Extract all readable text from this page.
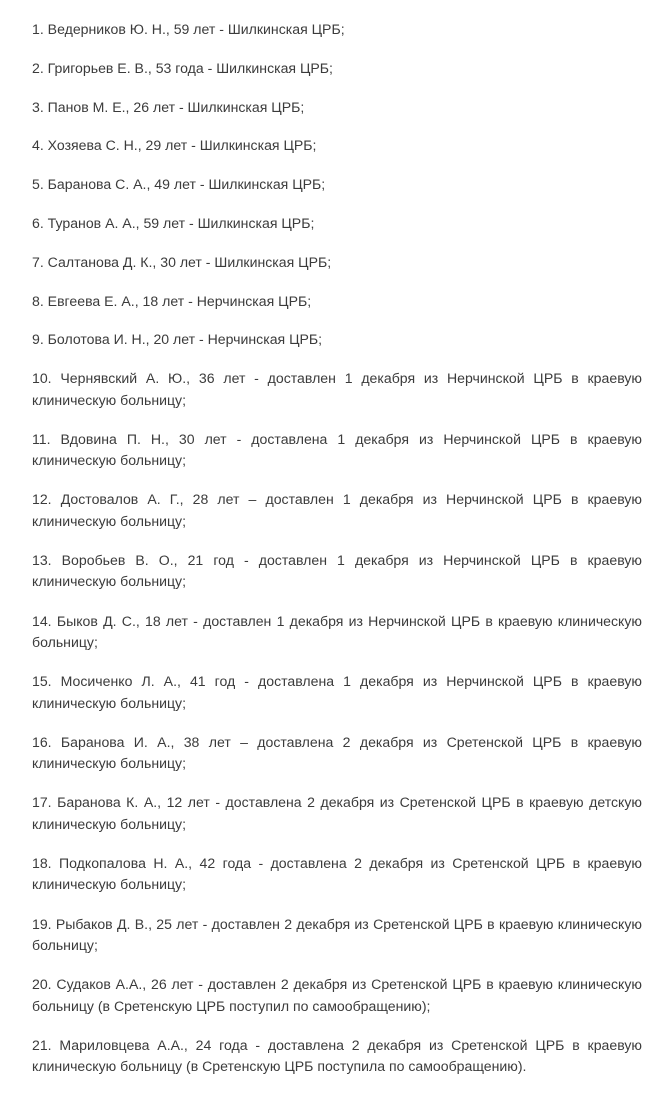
1. Ведерников Ю. Н., 59 лет - Шилкинская ЦРБ;

2. Григорьев Е. В., 53 года - Шилкинская ЦРБ;

3. Панов М. Е., 26 лет - Шилкинская ЦРБ;

4. Хозяева С. Н., 29 лет - Шилкинская ЦРБ;

5. Баранова С. А., 49 лет - Шилкинская ЦРБ;

6. Туранов А. А., 59 лет - Шилкинская ЦРБ;

7. Салтанова Д. К., 30 лет - Шилкинская ЦРБ;

8. Евгеева Е. А., 18 лет - Нерчинская ЦРБ;

9. Болотова И. Н., 20 лет - Нерчинская ЦРБ;

10. Чернявский А. Ю., 36 лет - доставлен 1 декабря из Нерчинской ЦРБ в краевую клиническую больницу;

11. Вдовина П. Н., 30 лет - доставлена 1 декабря из Нерчинской ЦРБ в краевую клиническую больницу;

12. Достовалов А. Г., 28 лет – доставлен 1 декабря из Нерчинской ЦРБ в краевую клиническую больницу;

13. Воробьев В. О., 21 год - доставлен 1 декабря из Нерчинской ЦРБ в краевую клиническую больницу;

14. Быков Д. С., 18 лет - доставлен 1 декабря из Нерчинской ЦРБ в краевую клиническую больницу;

15. Мосиченко Л. А., 41 год - доставлена 1 декабря из Нерчинской ЦРБ в краевую клиническую больницу;

16. Баранова И. А., 38 лет – доставлена 2 декабря из Сретенской ЦРБ в краевую клиническую больницу;

17. Баранова К. А., 12 лет - доставлена 2 декабря из Сретенской ЦРБ в краевую детскую клиническую больницу;

18. Подкопалова Н. А., 42 года - доставлена 2 декабря из Сретенской ЦРБ в краевую клиническую больницу;

19. Рыбаков Д. В., 25 лет - доставлен 2 декабря из Сретенской ЦРБ в краевую клиническую больницу;

20. Судаков А.А., 26 лет - доставлен 2 декабря из Сретенской ЦРБ в краевую клиническую больницу (в Сретенскую ЦРБ поступил по самообращению);

21. Мариловцева А.А., 24 года - доставлена 2 декабря из Сретенской ЦРБ в краевую клиническую больницу (в Сретенскую ЦРБ поступила по самообращению).
